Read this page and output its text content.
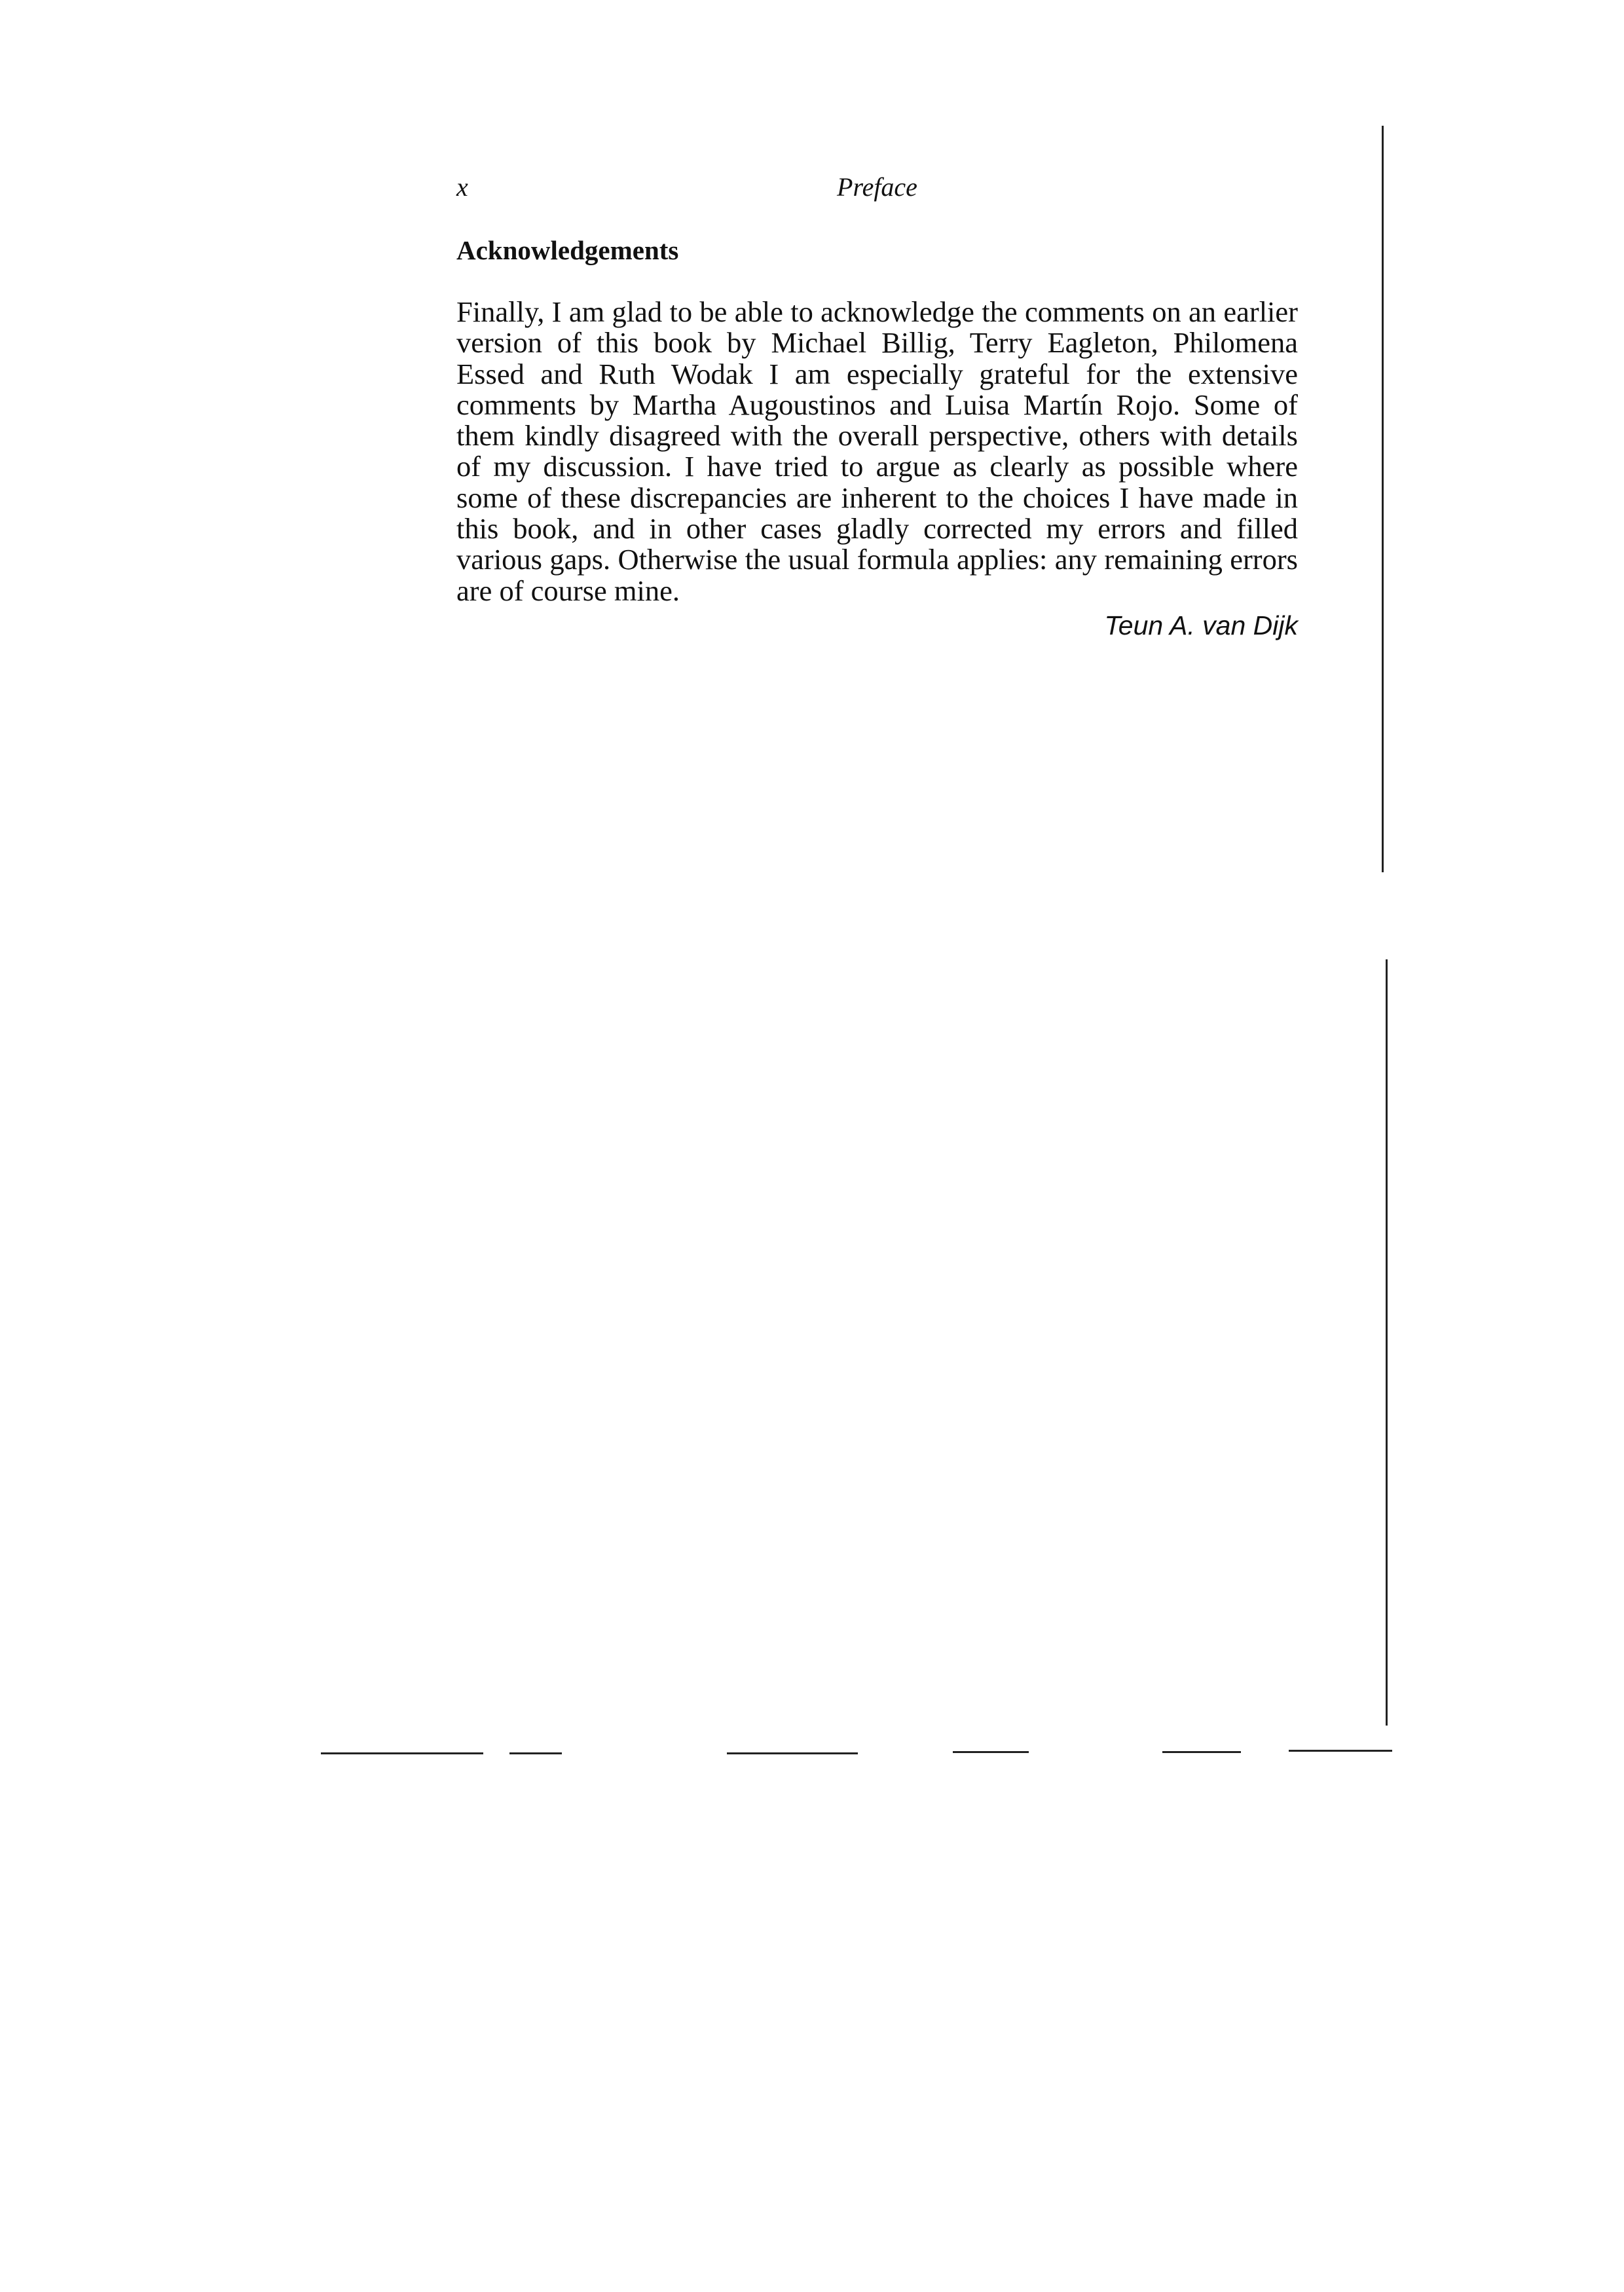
x	Preface
Acknowledgements

Finally, I am glad to be able to acknowledge the comments on an earlier version of this book by Michael Billig, Terry Eagleton, Philomena Essed and Ruth Wodak I am especially grateful for the extensive comments by Martha Augoustinos and Luisa Martín Rojo. Some of them kindly disagreed with the overall perspective, others with details of my discussion. I have tried to argue as clearly as possible where some of these discrepancies are inherent to the choices I have made in this book, and in other cases gladly corrected my errors and filled various gaps. Otherwise the usual formula applies: any remaining errors are of course mine.

Teun A. van Dijk
